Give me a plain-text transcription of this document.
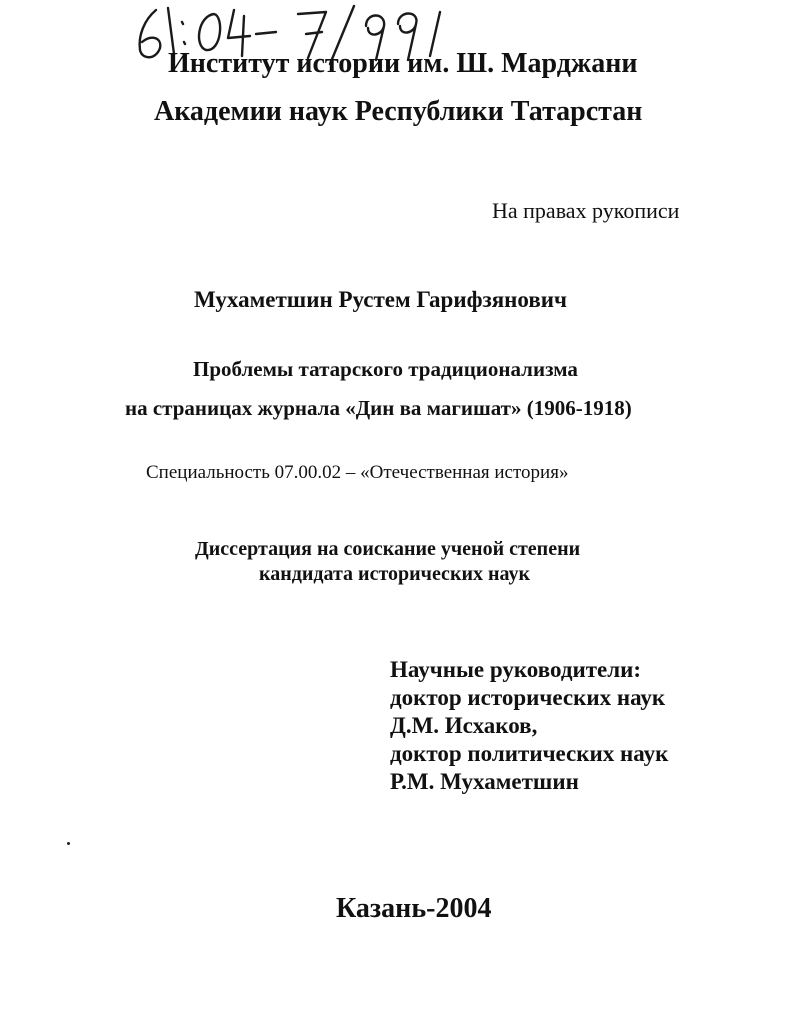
Институт истории им. Ш. Марджани
Академии наук Республики Татарстан
На правах рукописи
Мухаметшин Рустем Гарифзянович
Проблемы татарского традиционализма
на страницах журнала «Дин ва магишат» (1906-1918)
Специальность 07.00.02 – «Отечественная история»
Диссертация на соискание ученой степени
кандидата исторических наук
Научные руководители:
доктор исторических наук
Д.М. Исхаков,
доктор политических наук
Р.М. Мухаметшин
Казань-2004
